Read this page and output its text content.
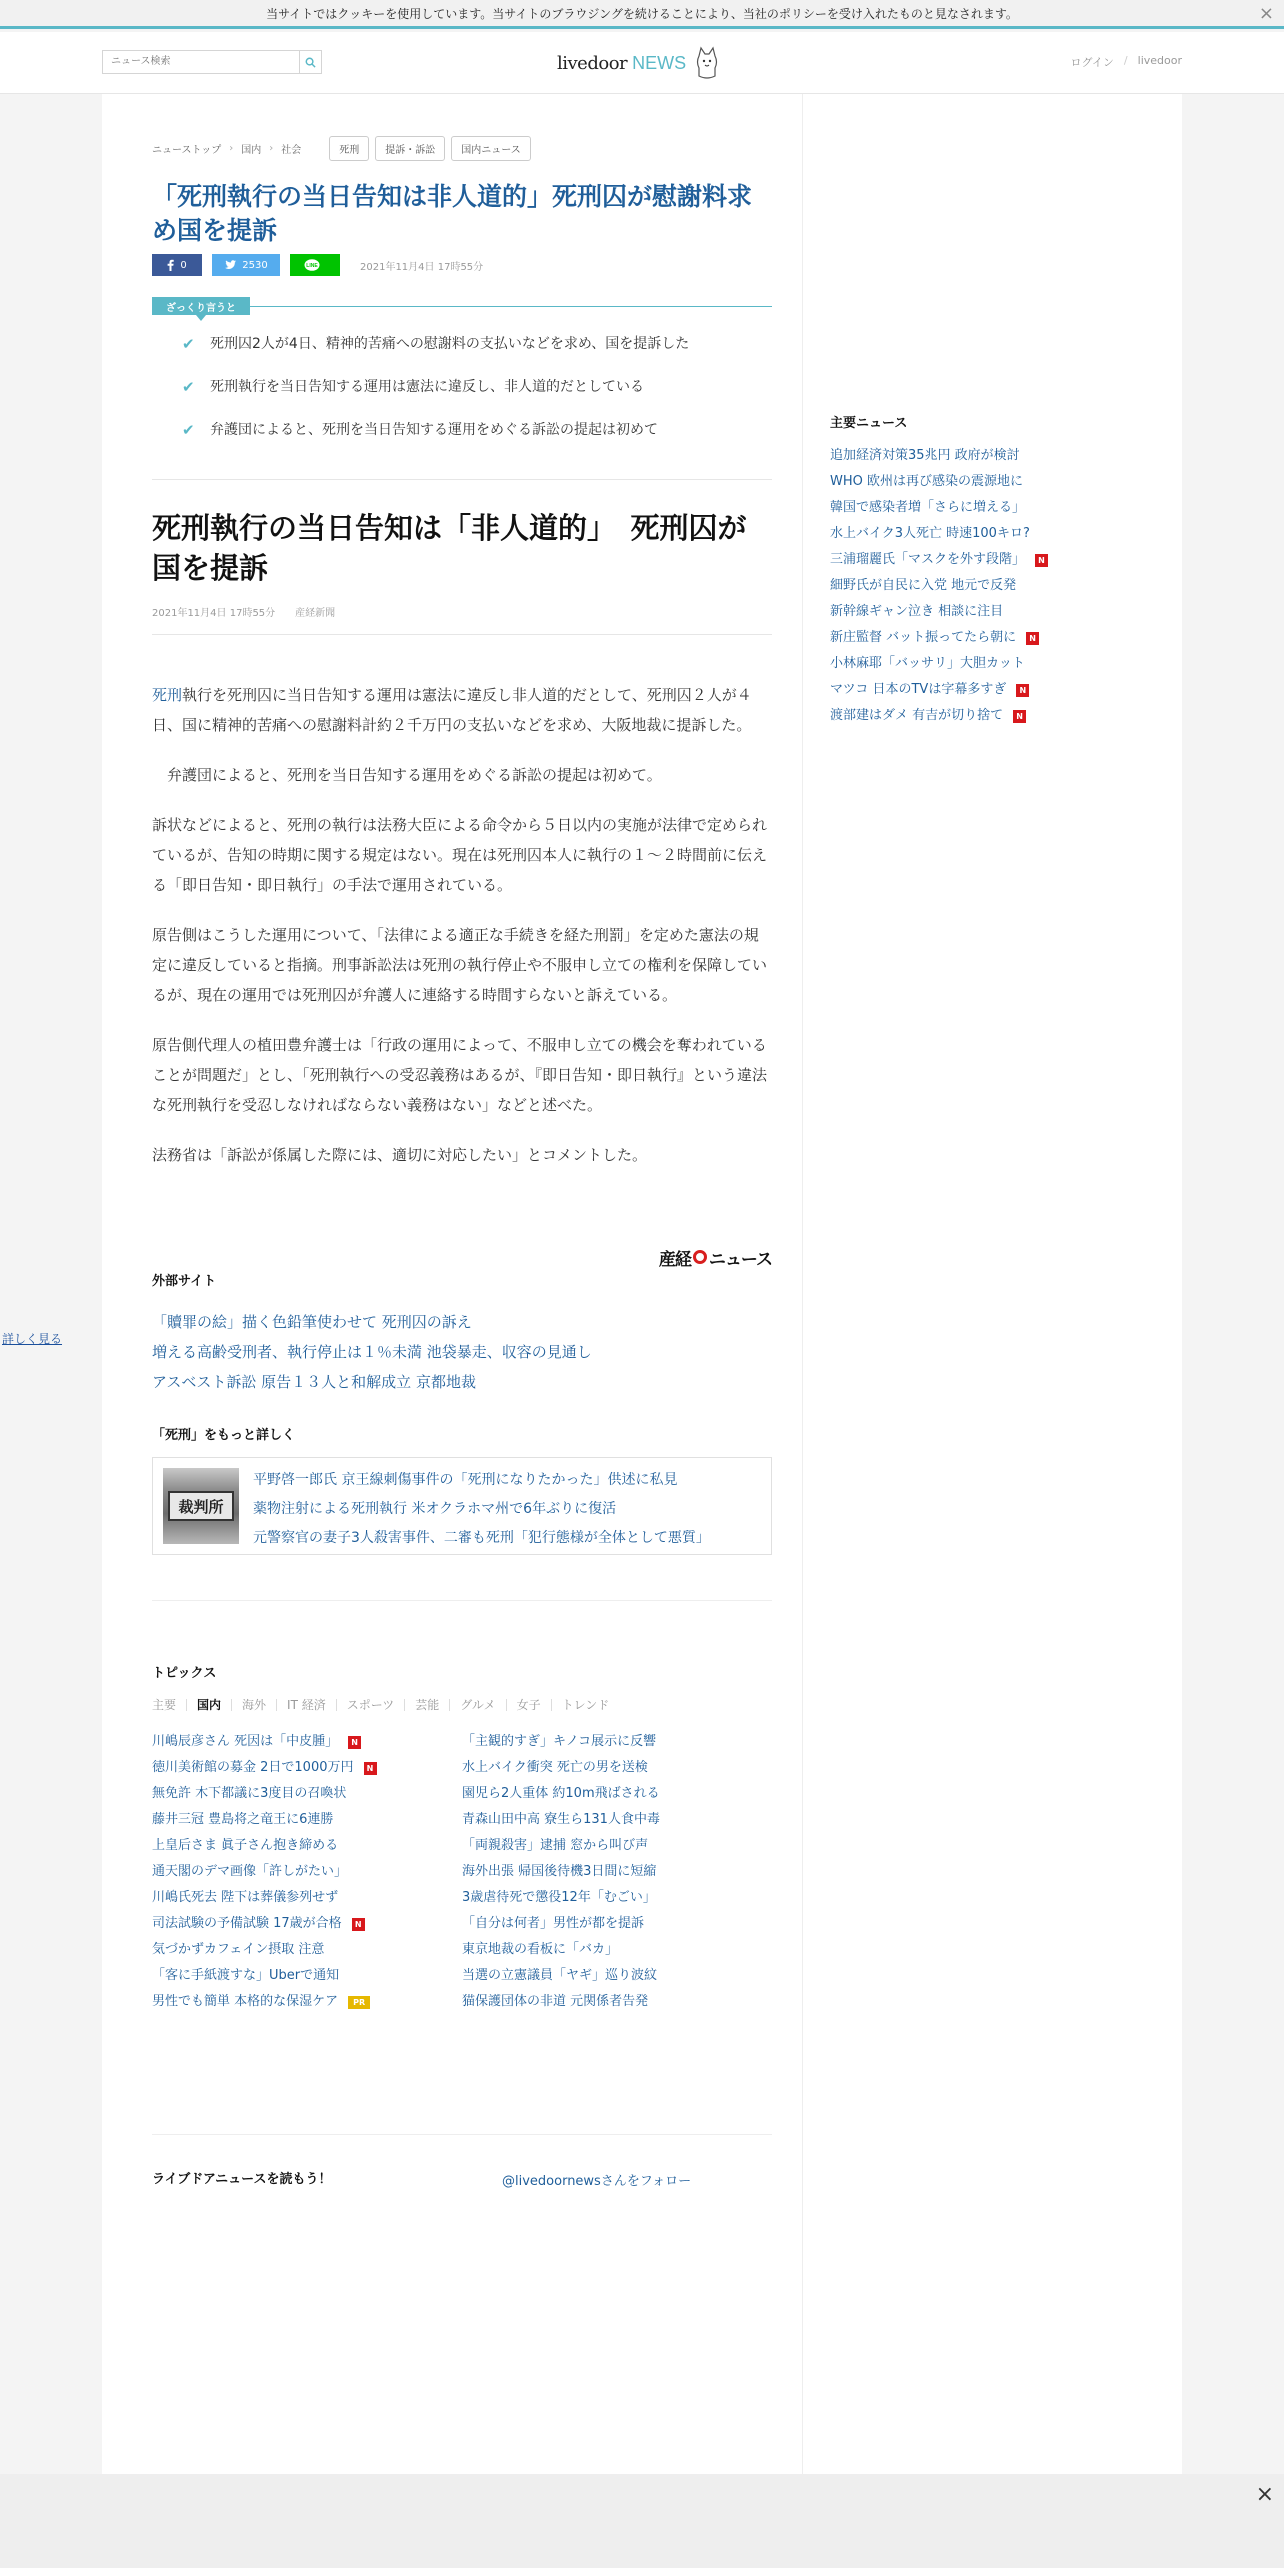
当サイトではクッキーを使用しています。当サイトのブラウジングを続けることにより、当社のポリシーを受け入れたものと見なされます。
詳しく見る
×
ニュース検索
livedoor NEWS	ログイン / livedoor
ニューストップ › 国内 › 社会	死刑	提訴・訴訟	国内ニュース
「死刑執行の当日告知は非人道的」死刑囚が慰謝料求め国を提訴
0	2530	LINE	2021年11月4日 17時55分
ざっくり言うと
✔	死刑囚2人が4日、精神的苦痛への慰謝料の支払いなどを求め、国を提訴した
✔	死刑執行を当日告知する運用は憲法に違反し、非人道的だとしている
✔	弁護団によると、死刑を当日告知する運用をめぐる訴訟の提起は初めて
死刑執行の当日告知は「非人道的」　死刑囚が国を提訴
2021年11月4日 17時55分 産経新聞

死刑執行を死刑囚に当日告知する運用は憲法に違反し非人道的だとして、死刑囚２人が４日、国に精神的苦痛への慰謝料計約２千万円の支払いなどを求め、大阪地裁に提訴した。

　弁護団によると、死刑を当日告知する運用をめぐる訴訟の提起は初めて。

訴状などによると、死刑の執行は法務大臣による命令から５日以内の実施が法律で定められているが、告知の時期に関する規定はない。現在は死刑囚本人に執行の１～２時間前に伝える「即日告知・即日執行」の手法で運用されている。

原告側はこうした運用について、「法律による適正な手続きを経た刑罰」を定めた憲法の規定に違反していると指摘。刑事訴訟法は死刑の執行停止や不服申し立ての権利を保障しているが、現在の運用では死刑囚が弁護人に連絡する時間すらないと訴えている。

原告側代理人の植田豊弁護士は「行政の運用によって、不服申し立ての機会を奪われていることが問題だ」とし、「死刑執行への受忍義務はあるが、『即日告知・即日執行』という違法な死刑執行を受忍しなければならない義務はない」などと述べた。

法務省は「訴訟が係属した際には、適切に対応したい」とコメントした。

産経 ニュース
外部サイト
「贖罪の絵」描く色鉛筆使わせて 死刑囚の訴え
増える高齢受刑者、執行停止は１％未満 池袋暴走、収容の見通し
アスベスト訴訟 原告１３人と和解成立 京都地裁
「死刑」をもっと詳しく
裁判所
平野啓一郎氏 京王線刺傷事件の「死刑になりたかった」供述に私見
薬物注射による死刑執行 米オクラホマ州で6年ぶりに復活
元警察官の妻子3人殺害事件、二審も死刑「犯行態様が全体として悪質」
トピックス
主要	国内	海外	IT 経済	スポーツ	芸能	グルメ	女子	トレンド
川嶋辰彦さん 死因は「中皮腫」	N
徳川美術館の募金 2日で1000万円	N
無免許 木下都議に3度目の召喚状
藤井三冠 豊島将之竜王に6連勝
上皇后さま 眞子さん抱き締める
通天閣のデマ画像「許しがたい」
川嶋氏死去 陛下は葬儀参列せず
司法試験の予備試験 17歳が合格	N
気づかずカフェイン摂取 注意
「客に手紙渡すな」Uberで通知
男性でも簡単 本格的な保湿ケア	PR
「主観的すぎ」キノコ展示に反響
水上バイク衝突 死亡の男を送検
園児ら2人重体 約10m飛ばされる
青森山田中高 寮生ら131人食中毒
「両親殺害」逮捕 窓から叫び声
海外出張 帰国後待機3日間に短縮
3歳虐待死で懲役12年「むごい」
「自分は何者」男性が都を提訴
東京地裁の看板に「バカ」
当選の立憲議員「ヤギ」巡り波紋
猫保護団体の非道 元関係者告発
ライブドアニュースを読もう！	@livedoornewsさんをフォロー
主要ニュース
追加経済対策35兆円 政府が検討
WHO 欧州は再び感染の震源地に
韓国で感染者増「さらに増える」
水上バイク3人死亡 時速100キロ?
三浦瑠麗氏「マスクを外す段階」	N
細野氏が自民に入党 地元で反発
新幹線ギャン泣き 相談に注目
新庄監督 バット振ってたら朝に	N
小林麻耶「バッサリ」大胆カット
マツコ 日本のTVは字幕多すぎ	N
渡部建はダメ 有吉が切り捨て	N
×
